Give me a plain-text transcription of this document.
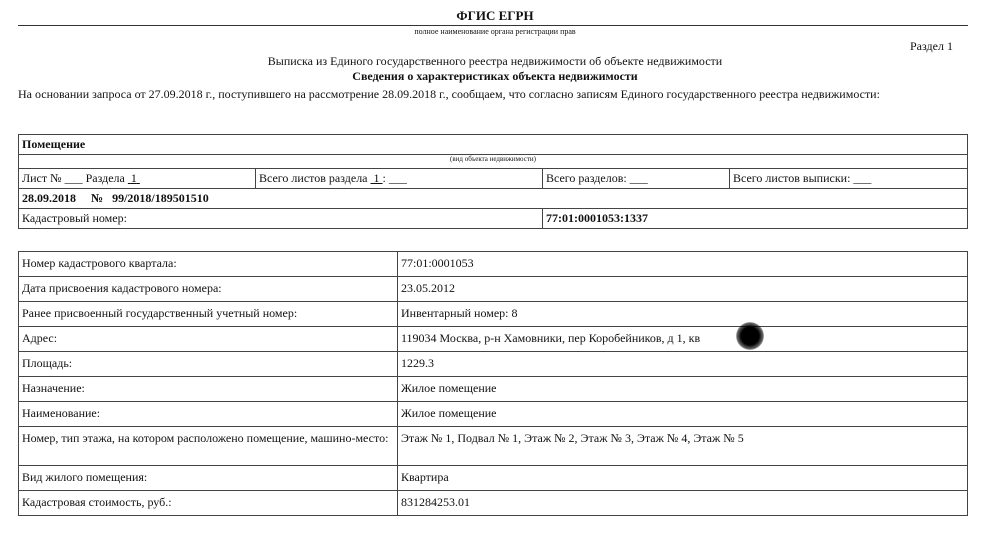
ФГИС ЕГРН
полное наименование органа регистрации прав
Раздел 1
Выписка из Единого государственного реестра недвижимости об объекте недвижимости
Сведения о характеристиках объекта недвижимости
На основании запроса от 27.09.2018 г., поступившего на рассмотрение 28.09.2018 г., сообщаем, что согласно записям Единого государственного реестра недвижимости:
Помещение			
(вид объекта недвижимости)			
Лист № ___ Раздела 1	Всего листов раздела 1 : ___	Всего разделов: ___	Всего листов выписки: ___
28.09.2018 № 99/2018/189501510			
Кадастровый номер:		77:01:0001053:1337	
Номер кадастрового квартала:	77:01:0001053
Дата присвоения кадастрового номера:	23.05.2012
Ранее присвоенный государственный учетный номер:	Инвентарный номер: 8
Адрес:	119034 Москва, р-н Хамовники, пер Коробейников, д 1, кв
Площадь:	1229.3
Назначение:	Жилое помещение
Наименование:	Жилое помещение
Номер, тип этажа, на котором расположено помещение, машино-место:	Этаж № 1, Подвал № 1, Этаж № 2, Этаж № 3, Этаж № 4, Этаж № 5
Вид жилого помещения:	Квартира
Кадастровая стоимость, руб.:	831284253.01
